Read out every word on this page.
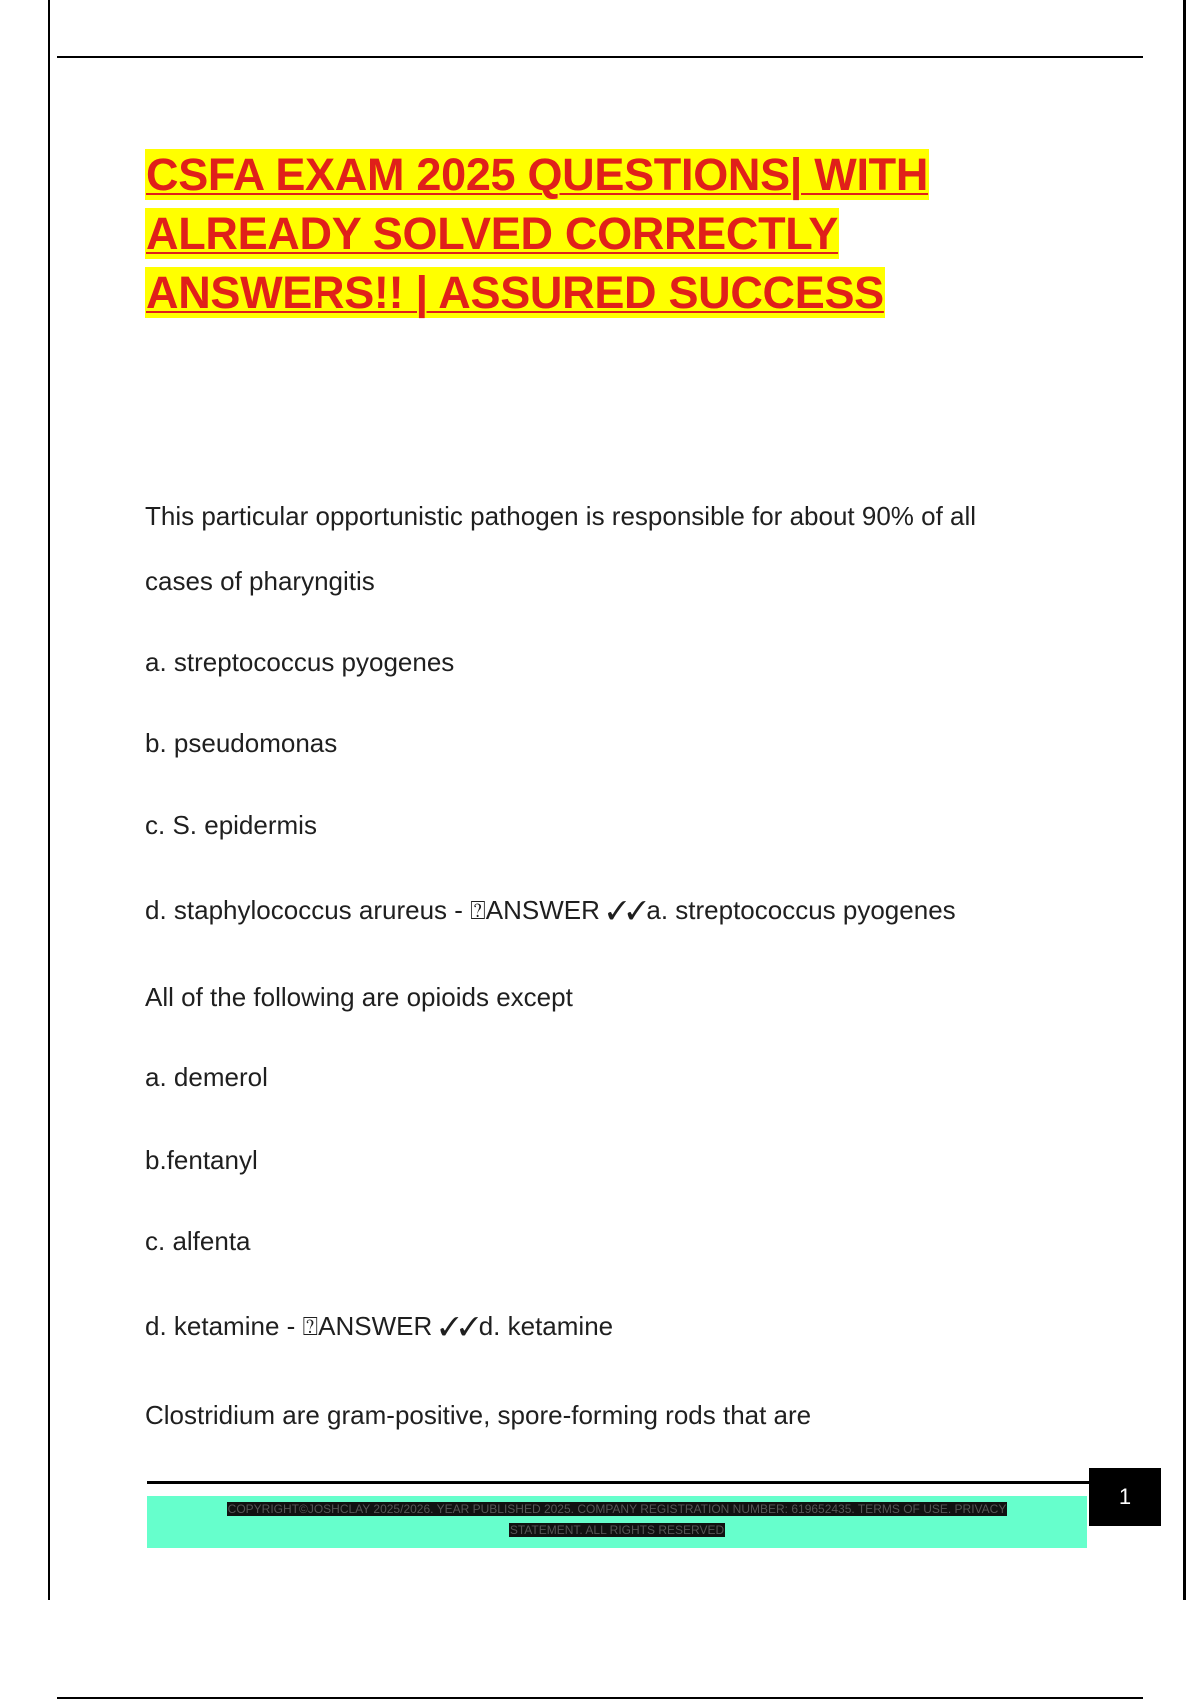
CSFA EXAM 2025 QUESTIONS| WITH
ALREADY SOLVED CORRECTLY
ANSWERS!! | ASSURED SUCCESS

This particular opportunistic pathogen is responsible for about 90% of all

cases of pharyngitis

a. streptococcus pyogenes

b. pseudomonas

c. S. epidermis

d. staphylococcus arureus - ⍰ANSWER ✓✓a. streptococcus pyogenes

All of the following are opioids except

a. demerol

b.fentanyl

c. alfenta

d. ketamine - ⍰ANSWER ✓✓d. ketamine

Clostridium are gram-positive, spore-forming rods that are

COPYRIGHT©JOSHCLAY 2025/2026. YEAR PUBLISHED 2025. COMPANY REGISTRATION NUMBER: 619652435. TERMS OF USE. PRIVACY
STATEMENT. ALL RIGHTS RESERVED
1
